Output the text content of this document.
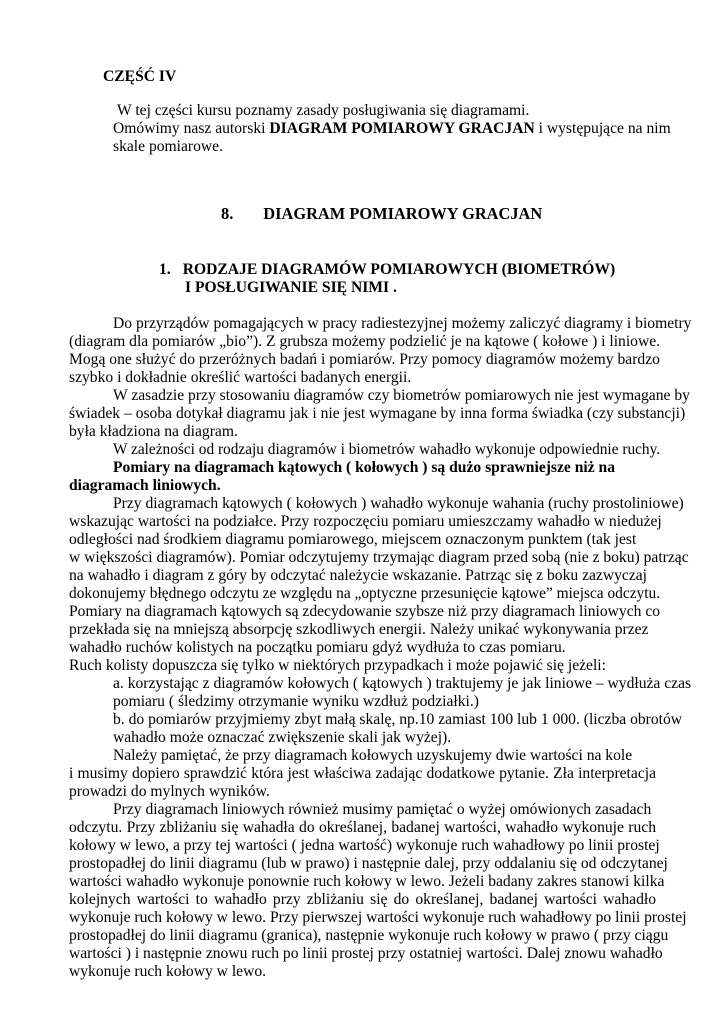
CZĘŚĆ IV
W tej części kursu poznamy zasady posługiwania się diagramami.
Omówimy nasz autorski DIAGRAM POMIAROWY GRACJAN i występujące na nim
skale pomiarowe.
8. DIAGRAM POMIAROWY GRACJAN
1. RODZAJE DIAGRAMÓW POMIAROWYCH (BIOMETRÓW)
I POSŁUGIWANIE SIĘ NIMI .
Do przyrządów pomagających w pracy radiestezyjnej możemy zaliczyć diagramy i biometry
(diagram dla pomiarów „bio”). Z grubsza możemy podzielić je na kątowe ( kołowe ) i liniowe.
Mogą one służyć do przeróżnych badań i pomiarów. Przy pomocy diagramów możemy bardzo
szybko i dokładnie określić wartości badanych energii.
W zasadzie przy stosowaniu diagramów czy biometrów pomiarowych nie jest wymagane by
świadek – osoba dotykał diagramu jak i nie jest wymagane by inna forma świadka (czy substancji)
była kładziona na diagram.
W zależności od rodzaju diagramów i biometrów wahadło wykonuje odpowiednie ruchy.
Pomiary na diagramach kątowych ( kołowych ) są dużo sprawniejsze niż na
diagramach liniowych.
Przy diagramach kątowych ( kołowych ) wahadło wykonuje wahania (ruchy prostoliniowe)
wskazując wartości na podziałce. Przy rozpoczęciu pomiaru umieszczamy wahadło w niedużej
odległości nad środkiem diagramu pomiarowego, miejscem oznaczonym punktem (tak jest
w większości diagramów). Pomiar odczytujemy trzymając diagram przed sobą (nie z boku) patrząc
na wahadło i diagram z góry by odczytać należycie wskazanie. Patrząc się z boku zazwyczaj
dokonujemy błędnego odczytu ze względu na „optyczne przesunięcie kątowe” miejsca odczytu.
Pomiary na diagramach kątowych są zdecydowanie szybsze niż przy diagramach liniowych co
przekłada się na mniejszą absorpcję szkodliwych energii. Należy unikać wykonywania przez
wahadło ruchów kolistych na początku pomiaru gdyż wydłuża to czas pomiaru.
Ruch kolisty dopuszcza się tylko w niektórych przypadkach i może pojawić się jeżeli:
a. korzystając z diagramów kołowych ( kątowych ) traktujemy je jak liniowe – wydłuża czas
pomiaru ( śledzimy otrzymanie wyniku wzdłuż podziałki.)
b. do pomiarów przyjmiemy zbyt małą skalę, np.10 zamiast 100 lub 1 000. (liczba obrotów
wahadło może oznaczać zwiększenie skali jak wyżej).
Należy pamiętać, że przy diagramach kołowych uzyskujemy dwie wartości na kole
i musimy dopiero sprawdzić która jest właściwa zadając dodatkowe pytanie. Zła interpretacja
prowadzi do mylnych wyników.
Przy diagramach liniowych również musimy pamiętać o wyżej omówionych zasadach
odczytu. Przy zbliżaniu się wahadła do określanej, badanej wartości, wahadło wykonuje ruch
kołowy w lewo, a przy tej wartości ( jedna wartość) wykonuje ruch wahadłowy po linii prostej
prostopadłej do linii diagramu (lub w prawo) i następnie dalej, przy oddalaniu się od odczytanej
wartości wahadło wykonuje ponownie ruch kołowy w lewo. Jeżeli badany zakres stanowi kilka
kolejnych wartości to wahadło przy zbliżaniu się do określanej, badanej wartości wahadło
wykonuje ruch kołowy w lewo. Przy pierwszej wartości wykonuje ruch wahadłowy po linii prostej
prostopadłej do linii diagramu (granica), następnie wykonuje ruch kołowy w prawo ( przy ciągu
wartości ) i następnie znowu ruch po linii prostej przy ostatniej wartości. Dalej znowu wahadło
wykonuje ruch kołowy w lewo.
